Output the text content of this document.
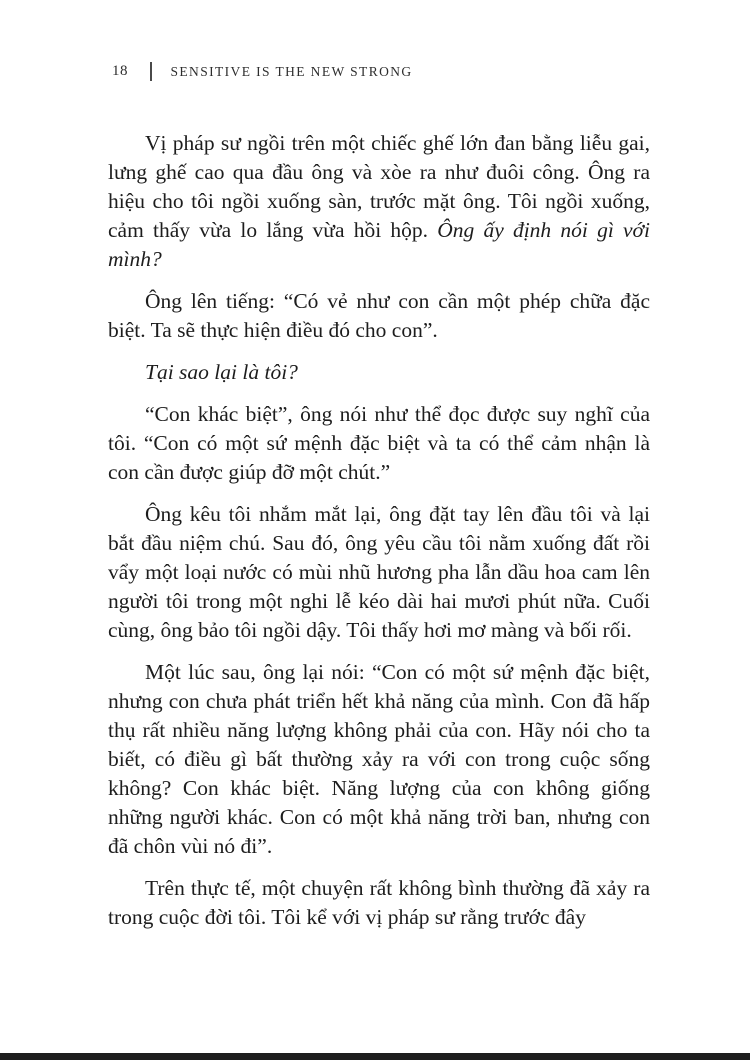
18	SENSITIVE IS THE NEW STRONG

Vị pháp sư ngồi trên một chiếc ghế lớn đan bằng liễu gai, lưng ghế cao qua đầu ông và xòe ra như đuôi công. Ông ra hiệu cho tôi ngồi xuống sàn, trước mặt ông. Tôi ngồi xuống, cảm thấy vừa lo lắng vừa hồi hộp. Ông ấy định nói gì với mình?

Ông lên tiếng: “Có vẻ như con cần một phép chữa đặc biệt. Ta sẽ thực hiện điều đó cho con”.

Tại sao lại là tôi?

“Con khác biệt”, ông nói như thể đọc được suy nghĩ của tôi. “Con có một sứ mệnh đặc biệt và ta có thể cảm nhận là con cần được giúp đỡ một chút.”

Ông kêu tôi nhắm mắt lại, ông đặt tay lên đầu tôi và lại bắt đầu niệm chú. Sau đó, ông yêu cầu tôi nằm xuống đất rồi vẩy một loại nước có mùi nhũ hương pha lẫn dầu hoa cam lên người tôi trong một nghi lễ kéo dài hai mươi phút nữa. Cuối cùng, ông bảo tôi ngồi dậy. Tôi thấy hơi mơ màng và bối rối.

Một lúc sau, ông lại nói: “Con có một sứ mệnh đặc biệt, nhưng con chưa phát triển hết khả năng của mình. Con đã hấp thụ rất nhiều năng lượng không phải của con. Hãy nói cho ta biết, có điều gì bất thường xảy ra với con trong cuộc sống không? Con khác biệt. Năng lượng của con không giống những người khác. Con có một khả năng trời ban, nhưng con đã chôn vùi nó đi”.

Trên thực tế, một chuyện rất không bình thường đã xảy ra trong cuộc đời tôi. Tôi kể với vị pháp sư rằng trước đây
